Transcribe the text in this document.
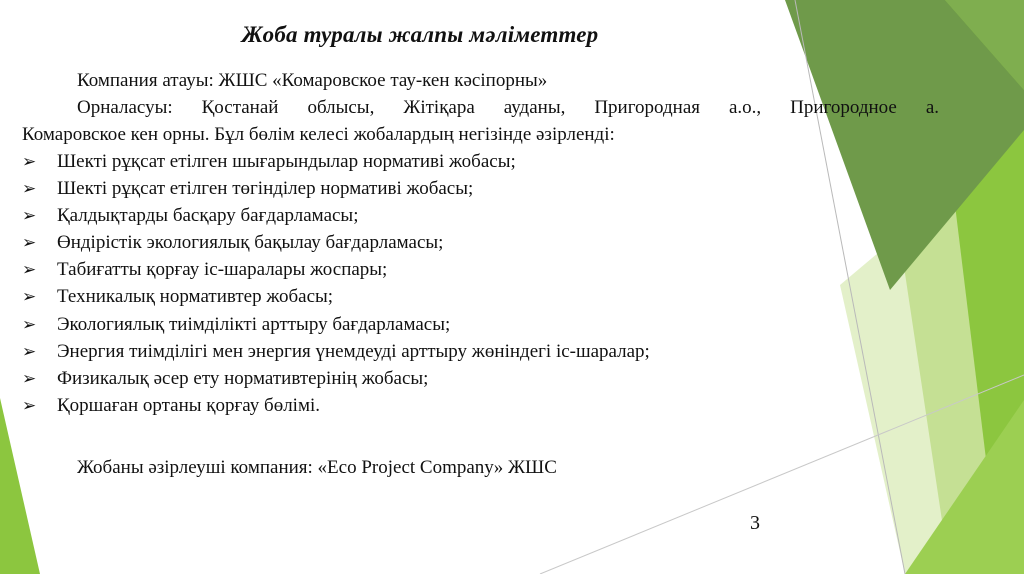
Жоба туралы жалпы мәліметтер
Компания атауы: ЖШС «Комаровское тау-кен кәсіпорны»
Орналасуы: Қостанай облысы, Жітіқара ауданы, Пригородная а.о., Пригородное а.
Комаровское кен орны. Бұл бөлім келесі жобалардың негізінде әзірленді:
➢	Шекті рұқсат етілген шығарындылар нормативі жобасы;
➢	Шекті рұқсат етілген төгінділер нормативі жобасы;
➢	Қалдықтарды басқару бағдарламасы;
➢	Өндірістік экологиялық бақылау бағдарламасы;
➢	Табиғатты қорғау іс-шаралары жоспары;
➢	Техникалық нормативтер жобасы;
➢	Экологиялық тиімділікті арттыру бағдарламасы;
➢	Энергия тиімділігі мен энергия үнемдеуді арттыру жөніндегі іс-шаралар;
➢	Физикалық әсер ету нормативтерінің жобасы;
➢	Қоршаған ортаны қорғау бөлімі.
Жобаны әзірлеуші компания: «Eco Project Company» ЖШС
3
